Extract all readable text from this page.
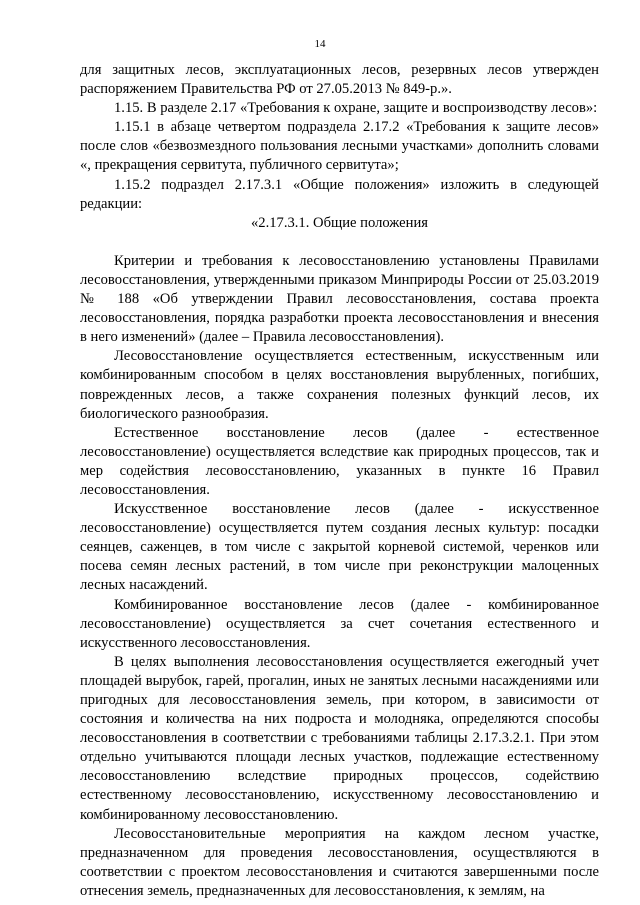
14

для защитных лесов, эксплуатационных лесов, резервных лесов утвержден распоряжением Правительства РФ от 27.05.2013 № 849-р.».

1.15. В разделе 2.17 «Требования к охране, защите и воспроизводству лесов»:

1.15.1 в абзаце четвертом подраздела 2.17.2 «Требования к защите лесов» после слов «безвозмездного пользования лесными участками» дополнить словами «, прекращения сервитута, публичного сервитута»;

1.15.2 подраздел 2.17.3.1 «Общие положения» изложить в следующей редакции:

«2.17.3.1. Общие положения

Критерии и требования к лесовосстановлению установлены Правилами лесовосстановления, утвержденными приказом Минприроды России от 25.03.2019 № 188 «Об утверждении Правил лесовосстановления, состава проекта лесовосстановления, порядка разработки проекта лесовосстановления и внесения в него изменений» (далее – Правила лесовосстановления).

Лесовосстановление осуществляется естественным, искусственным или комбинированным способом в целях восстановления вырубленных, погибших, поврежденных лесов, а также сохранения полезных функций лесов, их биологического разнообразия.

Естественное восстановление лесов (далее - естественное лесовосстановление) осуществляется вследствие как природных процессов, так и мер содействия лесовосстановлению, указанных в пункте 16 Правил лесовосстановления.

Искусственное восстановление лесов (далее - искусственное лесовосстановление) осуществляется путем создания лесных культур: посадки сеянцев, саженцев, в том числе с закрытой корневой системой, черенков или посева семян лесных растений, в том числе при реконструкции малоценных лесных насаждений.

Комбинированное восстановление лесов (далее - комбинированное лесовосстановление) осуществляется за счет сочетания естественного и искусственного лесовосстановления.

В целях выполнения лесовосстановления осуществляется ежегодный учет площадей вырубок, гарей, прогалин, иных не занятых лесными насаждениями или пригодных для лесовосстановления земель, при котором, в зависимости от состояния и количества на них подроста и молодняка, определяются способы лесовосстановления в соответствии с требованиями таблицы 2.17.3.2.1. При этом отдельно учитываются площади лесных участков, подлежащие естественному лесовосстановлению вследствие природных процессов, содействию естественному лесовосстановлению, искусственному лесовосстановлению и комбинированному лесовосстановлению.

Лесовосстановительные мероприятия на каждом лесном участке, предназначенном для проведения лесовосстановления, осуществляются в соответствии с проектом лесовосстановления и считаются завершенными после отнесения земель, предназначенных для лесовосстановления, к землям, на
